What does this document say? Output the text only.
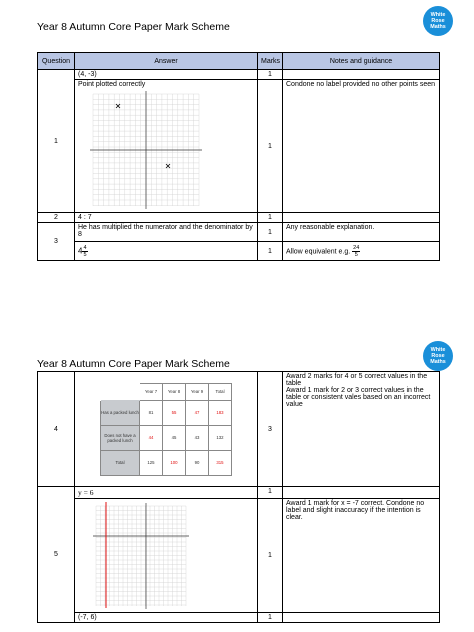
Year 8 Autumn Core Paper Mark Scheme
White
Rose
Maths
Question	Answer	Marks	Notes and guidance
1	(4, -3)	1	

	Point plotted correctly	1	Condone no label provided no other points seen
2	4 : 7	1	
3	He has multiplied the numerator and the denominator by 8	1	Any reasonable explanation.
	$4 \frac{4}{5}$	1	Allow equivalent e.g. $\frac{24}{5}$
Year 8 Autumn Core Paper Mark Scheme
White
Rose
Maths
4	
	Year 7	Year 8	Year 9	Total
Has a packed lunch	81	55	47	183
Does not have a packed lunch	44	45	43	132
Total	125	100	90	315
	3	Award 2 marks for 4 or 5 correct values in the table
Award 1 mark for 2 or 3 correct values in the table or consistent vales based on an incorrect value
5	y = 6	1	

	1	Award 1 mark for x = -7 correct. Condone no label and slight inaccuracy if the intention is clear.
(-7, 6)	1	
